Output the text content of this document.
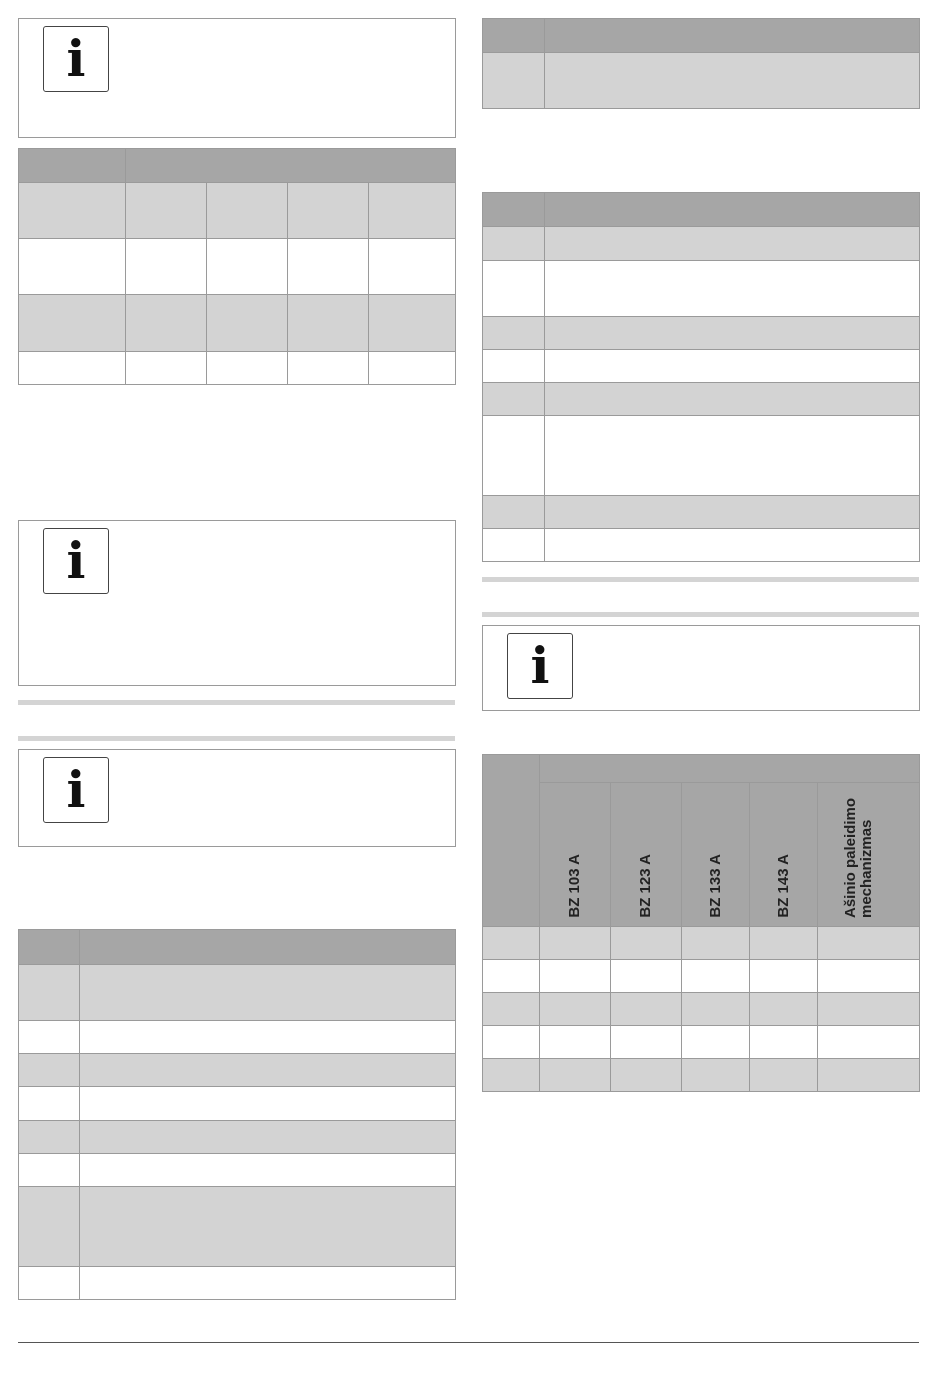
i

i
i

i

	BZ 103 A	BZ 123 A	BZ 133 A	BZ 143 A	Ašinio paleidimo mechanizmas
